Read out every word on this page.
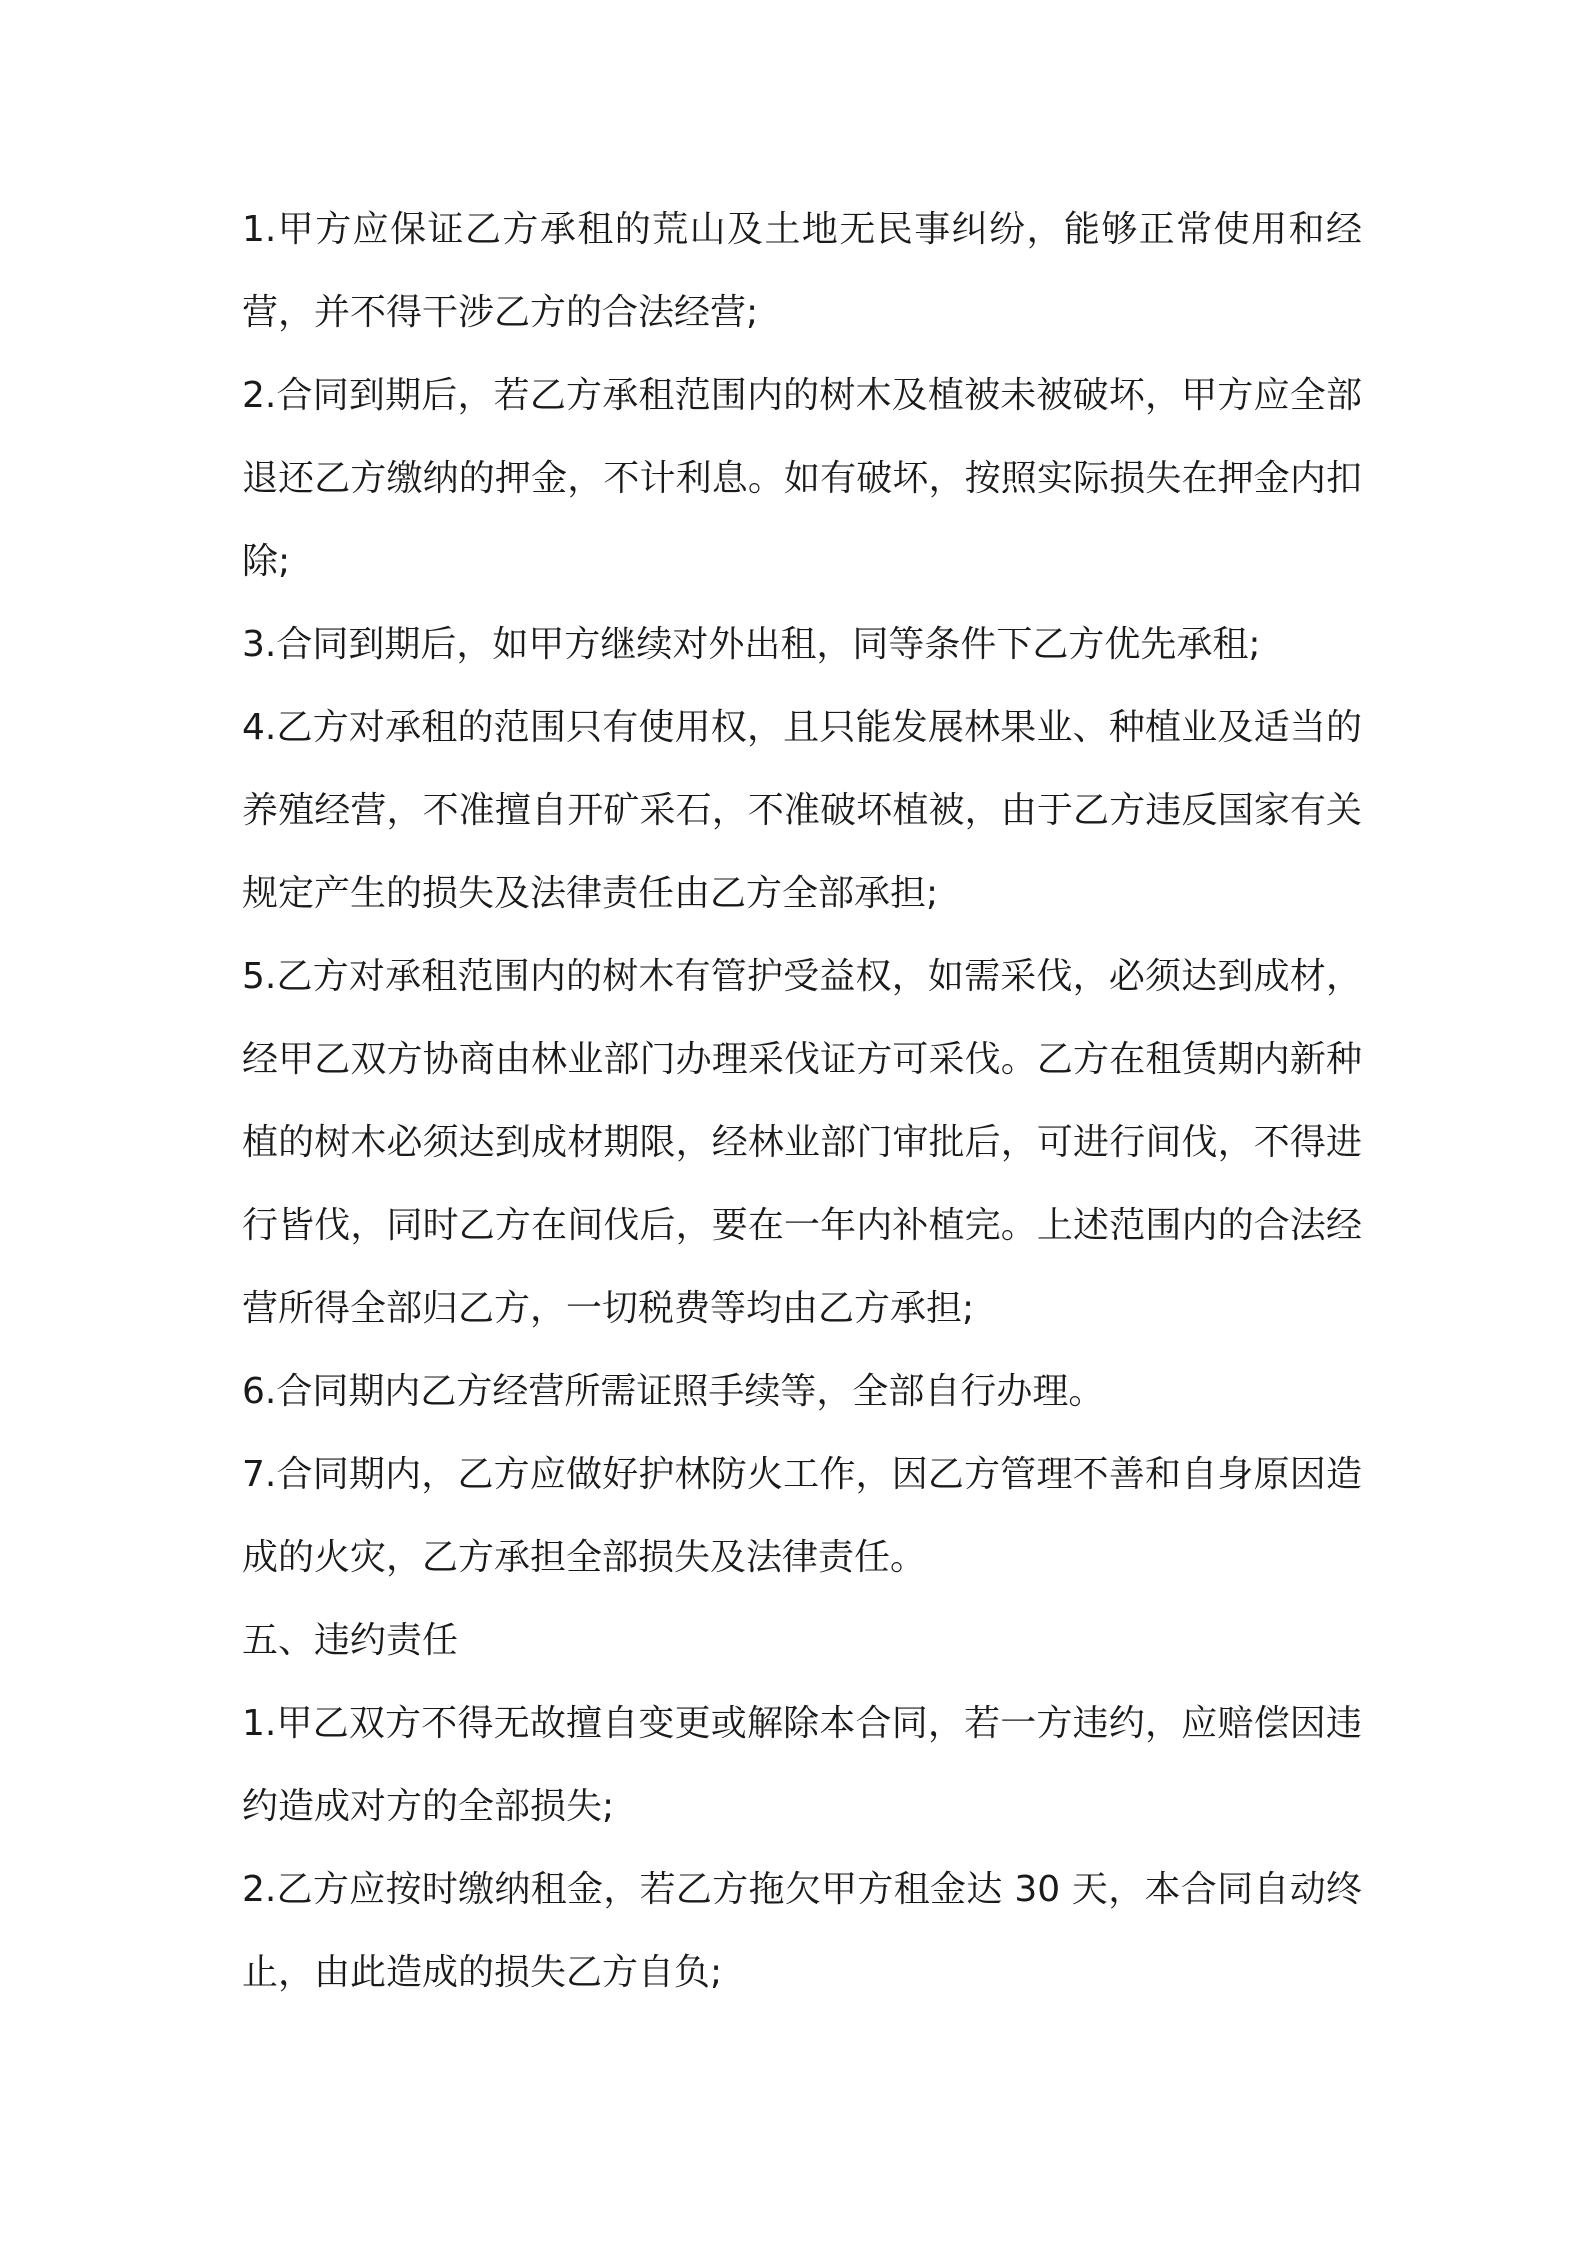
1.甲方应保证乙方承租的荒山及土地无民事纠纷，能够正常使用和经营，并不得干涉乙方的合法经营;

2.合同到期后，若乙方承租范围内的树木及植被未被破坏，甲方应全部退还乙方缴纳的押金，不计利息。如有破坏，按照实际损失在押金内扣除;

3.合同到期后，如甲方继续对外出租，同等条件下乙方优先承租;

4.乙方对承租的范围只有使用权，且只能发展林果业、种植业及适当的养殖经营，不准擅自开矿采石，不准破坏植被，由于乙方违反国家有关规定产生的损失及法律责任由乙方全部承担;

5.乙方对承租范围内的树木有管护受益权，如需采伐，必须达到成材，经甲乙双方协商由林业部门办理采伐证方可采伐。乙方在租赁期内新种植的树木必须达到成材期限，经林业部门审批后，可进行间伐，不得进行皆伐，同时乙方在间伐后，要在一年内补植完。上述范围内的合法经营所得全部归乙方，一切税费等均由乙方承担;

6.合同期内乙方经营所需证照手续等，全部自行办理。

7.合同期内，乙方应做好护林防火工作，因乙方管理不善和自身原因造成的火灾，乙方承担全部损失及法律责任。

五、违约责任

1.甲乙双方不得无故擅自变更或解除本合同，若一方违约，应赔偿因违约造成对方的全部损失;

2.乙方应按时缴纳租金，若乙方拖欠甲方租金达 30 天，本合同自动终止，由此造成的损失乙方自负;
